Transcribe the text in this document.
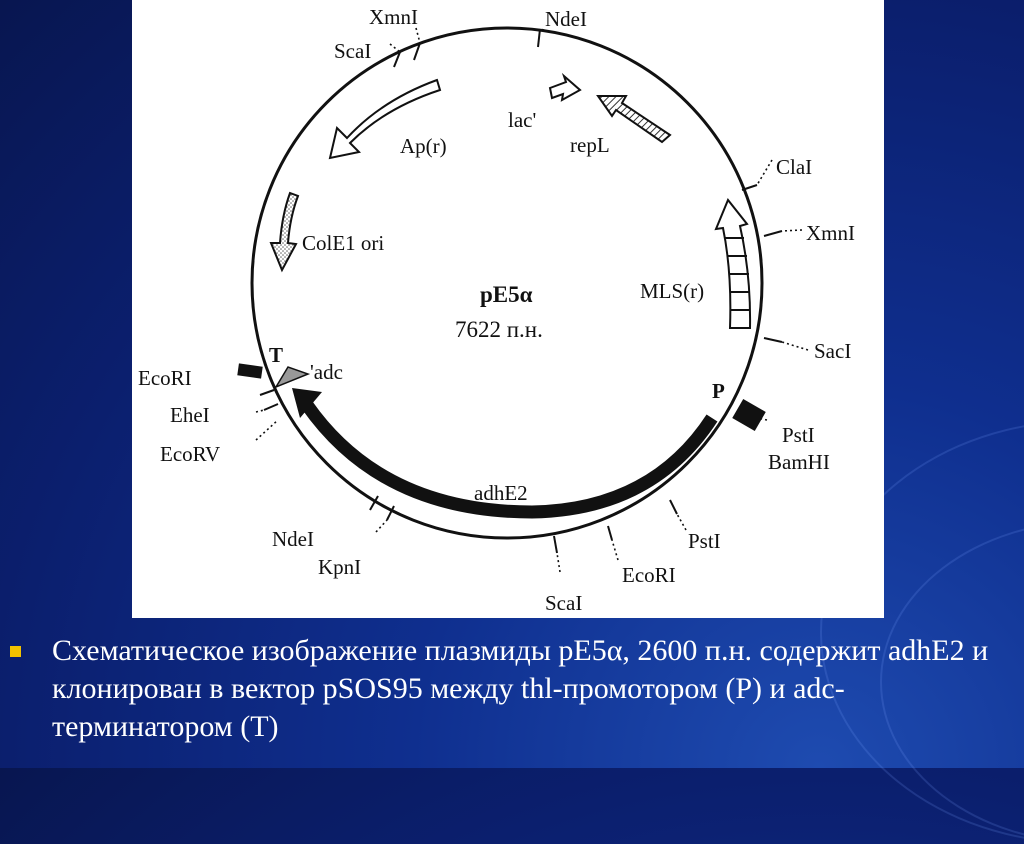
XmnI	NdeI
ScaI
ClaI
XmnI
SacI
PstI
BamHI
PstI
EcoRI
ScaI
KpnI
NdeI
EcoRV
EheI
EcoRI
Ap(r)
lac'
repL
ColE1 ori
MLS(r)
T
'adc
P
adhE2
pE5α
7622 п.н.
Схематическое изображение плазмиды pE5α, 2600 п.н. содержит adhE2 и клонирован в вектор pSOS95 между thl-промотором (P) и adc-терминатором (T)
